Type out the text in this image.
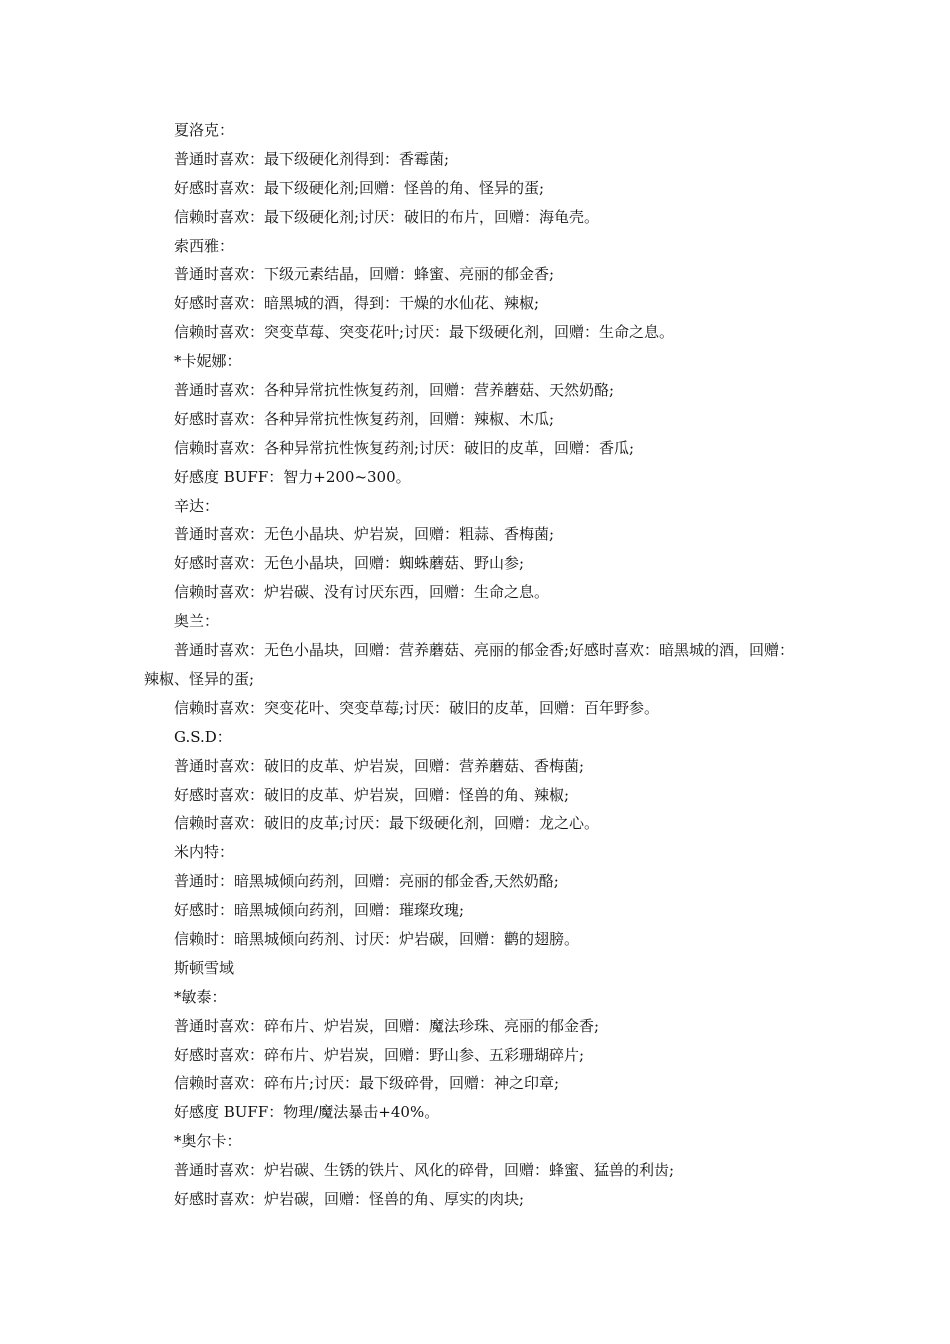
夏洛克：
普通时喜欢：最下级硬化剂得到：香霉菌;
好感时喜欢：最下级硬化剂;回赠：怪兽的角、怪异的蛋;
信赖时喜欢：最下级硬化剂;讨厌：破旧的布片，回赠：海龟壳。
索西雅：
普通时喜欢：下级元素结晶，回赠：蜂蜜、亮丽的郁金香;
好感时喜欢：暗黑城的酒，得到：干燥的水仙花、辣椒;
信赖时喜欢：突变草莓、突变花叶;讨厌：最下级硬化剂，回赠：生命之息。
*卡妮娜：
普通时喜欢：各种异常抗性恢复药剂，回赠：营养蘑菇、天然奶酪;
好感时喜欢：各种异常抗性恢复药剂，回赠：辣椒、木瓜;
信赖时喜欢：各种异常抗性恢复药剂;讨厌：破旧的皮革，回赠：香瓜;
好感度 BUFF：智力+200~300。
辛达：
普通时喜欢：无色小晶块、炉岩炭，回赠：粗蒜、香梅菌;
好感时喜欢：无色小晶块，回赠：蜘蛛蘑菇、野山参;
信赖时喜欢：炉岩碳、没有讨厌东西，回赠：生命之息。
奥兰：
普通时喜欢：无色小晶块，回赠：营养蘑菇、亮丽的郁金香;好感时喜欢：暗黑城的酒，回赠：辣椒、怪异的蛋;
信赖时喜欢：突变花叶、突变草莓;讨厌：破旧的皮革，回赠：百年野参。
G.S.D：
普通时喜欢：破旧的皮革、炉岩炭，回赠：营养蘑菇、香梅菌;
好感时喜欢：破旧的皮革、炉岩炭，回赠：怪兽的角、辣椒;
信赖时喜欢：破旧的皮革;讨厌：最下级硬化剂，回赠：龙之心。
米内特：
普通时：暗黑城倾向药剂，回赠：亮丽的郁金香,天然奶酪;
好感时：暗黑城倾向药剂，回赠：璀璨玫瑰;
信赖时：暗黑城倾向药剂、讨厌：炉岩碳，回赠：鹳的翅膀。
斯顿雪域
*敏泰：
普通时喜欢：碎布片、炉岩炭，回赠：魔法珍珠、亮丽的郁金香;
好感时喜欢：碎布片、炉岩炭，回赠：野山参、五彩珊瑚碎片;
信赖时喜欢：碎布片;讨厌：最下级碎骨，回赠：神之印章;
好感度 BUFF：物理/魔法暴击+40%。
*奥尔卡：
普通时喜欢：炉岩碳、生锈的铁片、风化的碎骨，回赠：蜂蜜、猛兽的利齿;
好感时喜欢：炉岩碳，回赠：怪兽的角、厚实的肉块;
